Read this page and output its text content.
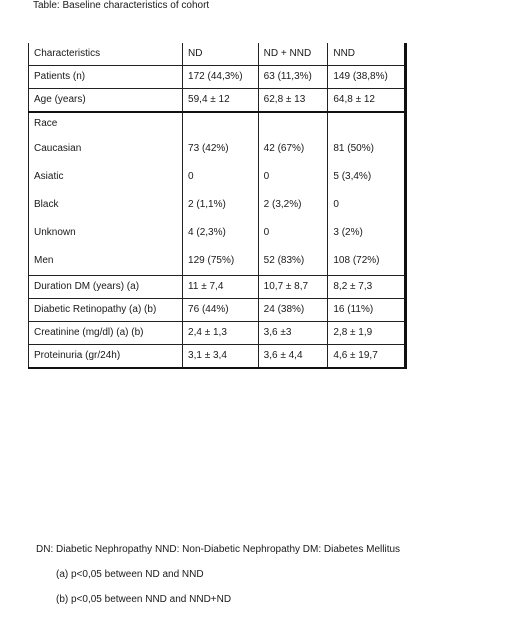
Table: Baseline characteristics of cohort
Characteristics	ND	ND + NND	NND
Patients (n)	172 (44,3%)	63 (11,3%)	149 (38,8%)
Age (years)	59,4 ± 12	62,8 ± 13	64,8 ± 12
Race			
Caucasian	73 (42%)	42 (67%)	81 (50%)
Asiatic	0	0	5 (3,4%)
Black	2 (1,1%)	2 (3,2%)	0
Unknown	4 (2,3%)	0	3 (2%)
Men	129 (75%)	52 (83%)	108 (72%)
Duration DM (years) (a)	11 ± 7,4	10,7 ± 8,7	8,2 ± 7,3
Diabetic Retinopathy (a) (b)	76 (44%)	24 (38%)	16 (11%)
Creatinine (mg/dl) (a) (b)	2,4 ± 1,3	3,6 ±3	2,8 ± 1,9
Proteinuria (gr/24h)	3,1 ± 3,4	3,6 ± 4,4	4,6 ± 19,7
DN: Diabetic Nephropathy NND: Non-Diabetic Nephropathy DM: Diabetes Mellitus
(a) p<0,05 between ND and NND
(b) p<0,05 between NND and NND+ND
